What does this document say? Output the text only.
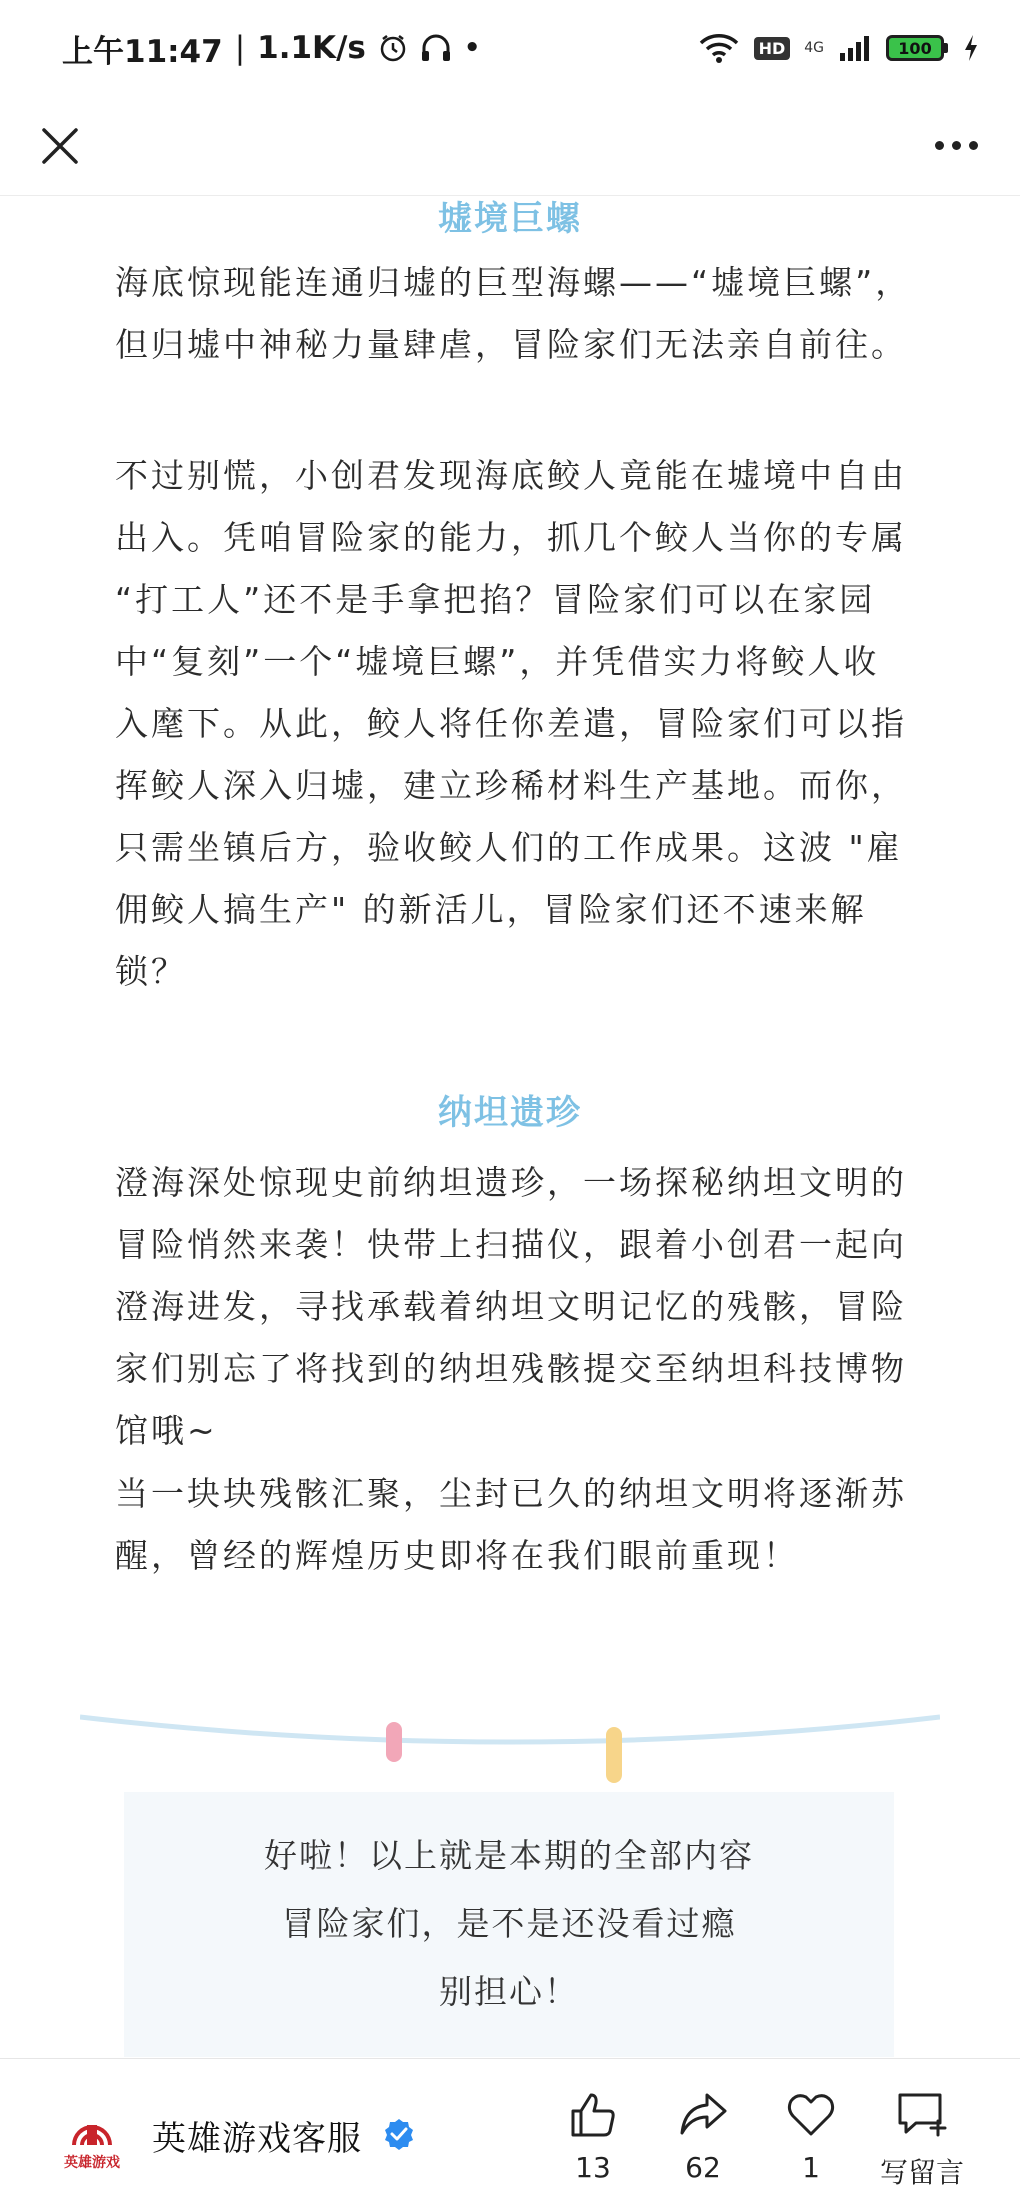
上午11:47 | 1.1K/s	•	HD	4G	100
墟境巨螺

海底惊现能连通归墟的巨型海螺——“墟境巨螺”，但归墟中神秘力量肆虐，冒险家们无法亲自前往。

不过别慌，小创君发现海底鲛人竟能在墟境中自由出入。凭咱冒险家的能力，抓几个鲛人当你的专属 “打工人”还不是手拿把掐？冒险家们可以在家园中“复刻”一个“墟境巨螺”，并凭借实力将鲛人收入麾下。从此，鲛人将任你差遣，冒险家们可以指挥鲛人深入归墟，建立珍稀材料生产基地。而你，只需坐镇后方，验收鲛人们的工作成果。这波 "雇佣鲛人搞生产" 的新活儿，冒险家们还不速来解锁？

纳坦遗珍

澄海深处惊现史前纳坦遗珍，一场探秘纳坦文明的冒险悄然来袭！快带上扫描仪，跟着小创君一起向澄海进发，寻找承载着纳坦文明记忆的残骸，冒险家们别忘了将找到的纳坦残骸提交至纳坦科技博物馆哦~

当一块块残骸汇聚，尘封已久的纳坦文明将逐渐苏醒，曾经的辉煌历史即将在我们眼前重现！

好啦！以上就是本期的全部内容
冒险家们，是不是还没看过瘾
别担心！
英雄游戏
英雄游戏客服
13	62	1	写留言
